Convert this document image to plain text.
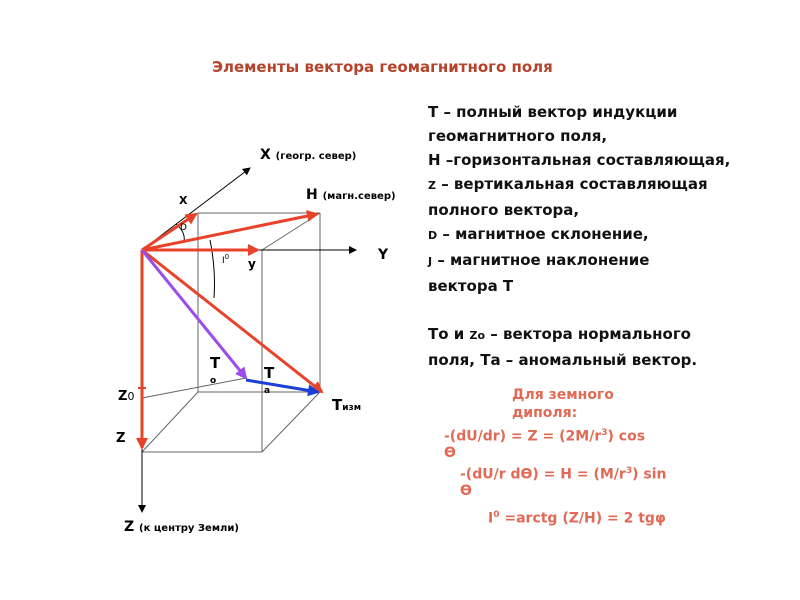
Элементы вектора геомагнитного поля
X (геогр. север)
H (магн.север)
Y
Z (к центру Земли)
X
D
$I^0$ y
T
о	T
а
Тизм
Z0
Z
Т – полный вектор индукции
геомагнитного поля,
Н –горизонтальная составляющая,
Z – вертикальная составляющая
полного вектора,
D – магнитное склонение,
J – магнитное наклонение
вектора Т
То и Zo – вектора нормального
поля, Та – аномальный вектор.
Для земного диполя:
$-(dU/dr) = Z = (2M/r^3)$ cos
ϴ
-(dU/r $dϴ) = H = (M/r^3)$ sin
ϴ
$I^0$ =arctg (Z/H) = 2 tgφ
